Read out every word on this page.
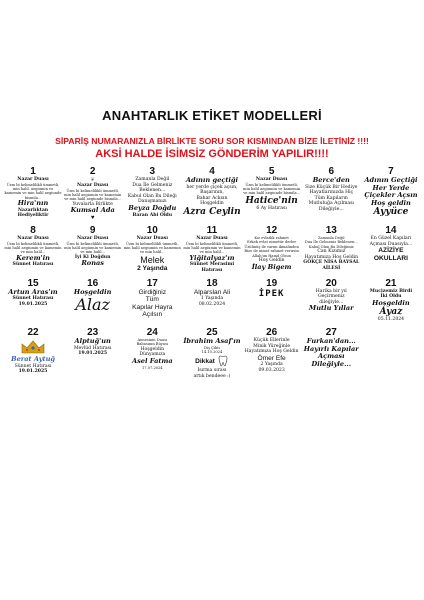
ANAHTARLIK ETİKET MODELLERİ
SİPARİŞ NUMARANIZLA BİRLİKTE SORU SOR KISMINDAN BİZE İLETİNİZ !!!!
AKSİ HALDE İSİMSİZ GÖNDERİM YAPILIR!!!!
1
Nazar Duası
Üzm bi kelimelilikli ümmetli, min halil. aegiumin ve kamemin ve min halil aegiunde bismila...
Hira'nın
Nazarlıktan Hediyeliktir
2
❦
Nazar Duası
Üzm bi kelimelilikli ümmetli, min halil aegiumin ve kamemin ve min halil aegiunde bismila...
Yuvalarla Birlikte
Kumsal Ada
♥
3
Zamanla Değil
Dua İle Gelmeniz Beklenen...
Kabul Olan Bu Dileği
Danışmanızı
Beyza Doğdu
Baran Abi Oldu
4
Adının geçtiği
her yerde çiçek açsın,
Başarının,
Bahar Acksın
Hoşgeldin
Azra Ceylin
5
Nazar Duası
Üzm bi kelimelilikli ümmetli, min halil aegiumin ve kamemin ve min halil aegiunde bismila...
Hatice'nin
6 Ay Hatırası
6
Berce'den
Size Küçük Bir Hediye
Hayatlarınızda Hiç
Tüm Kapıların
Mutluluğa Açılması
Dileğiyle...
7
Adının Geçtiği
Her Yerde
Çiçekler Açsın
Hoş geldin
Ayyüce
8
Nazar Duası
Üzm bi kelimelilikli ümmetli, min halil aegiumin ve kamemin ve min halil...
Kerem'in
Sünnet Hatırası
9
Nazar Duası
Üzm bi kelimelilikli ümmetli, min halil aegiumin ve kamemin ve min halil...
İyi Ki Doğdun
Ronas
10
Nazar Duası
Üzm bi kelimelilikli ümmetli, min halil aegiumin ve kamemin ve min halil...
Melek
2 Yaşında
11
Nazar Duası
Üzm bi kelimelilikli ümmetli, min halil aegiumin ve kamemin ve min halil...
Yiğitalyaz'ın
Sünnet Merasimi Hatırası
12
Kız evlatlık rahmet
Erkek evlat nimettir derler
Üzülmüş ile varım ikmalinden
Bize de nimet rahmet verirsin
Allah'ım Hamd Olsun
Hoş Geldin
İlay Bigem
13
Zamanla Değil
Dua İle Gelmeniz Beklenen...
Kabul Olan Bu Dileğimiz
Can Kızımız
Hayatımıza Hoş Geldin
GÖKÇE NİSA BAYSAL
AİLESİ
14
En Güzel Kapıları
Açması Duasıyla...
AZİZİYE
OKULLARI
15
Artun Aras'ın
Sünnet Hatırası
19.01.2025
16
Hoşgeldin
Alaz
17
Girdiğiniz
Tüm
Kapılar Hayra
Açılsın
18
Alparslan Ali
1 Yaşında
08.02.2024
19
İPEK
20
Harika bir yıl
Geçirmeniz
dileğiyle...
Mutlu Yıllar
21
Mucizemiz Birdi
İki Oldu
Hoşgeldin
Ayaz
05.11.2024
22
Berat Aytuğ
Sünnet Hatırası
19.01.2025
23
Alptuğ'un
Mevlüd Hatırası
19.01.2025
24
Annesinin Duası
Babasının Rüyası
Hoşgeldin
Dünyamıza
Asel Fatma
17.07.2024
25
İbrahim Asaf'ın
Diş Çıktı
14.10.2024
Dikkat
Isırma sırası
artık bendeee :)
26
Küçük Ellerinle
Minik Yüreğinle
Hayatımıza Hoş Geldin
Ömer Efe
2 Yaşında
09.03.2023
27
Furkan'dan...
Hayırlı Kapılar
Açması
Dileğiyle...
